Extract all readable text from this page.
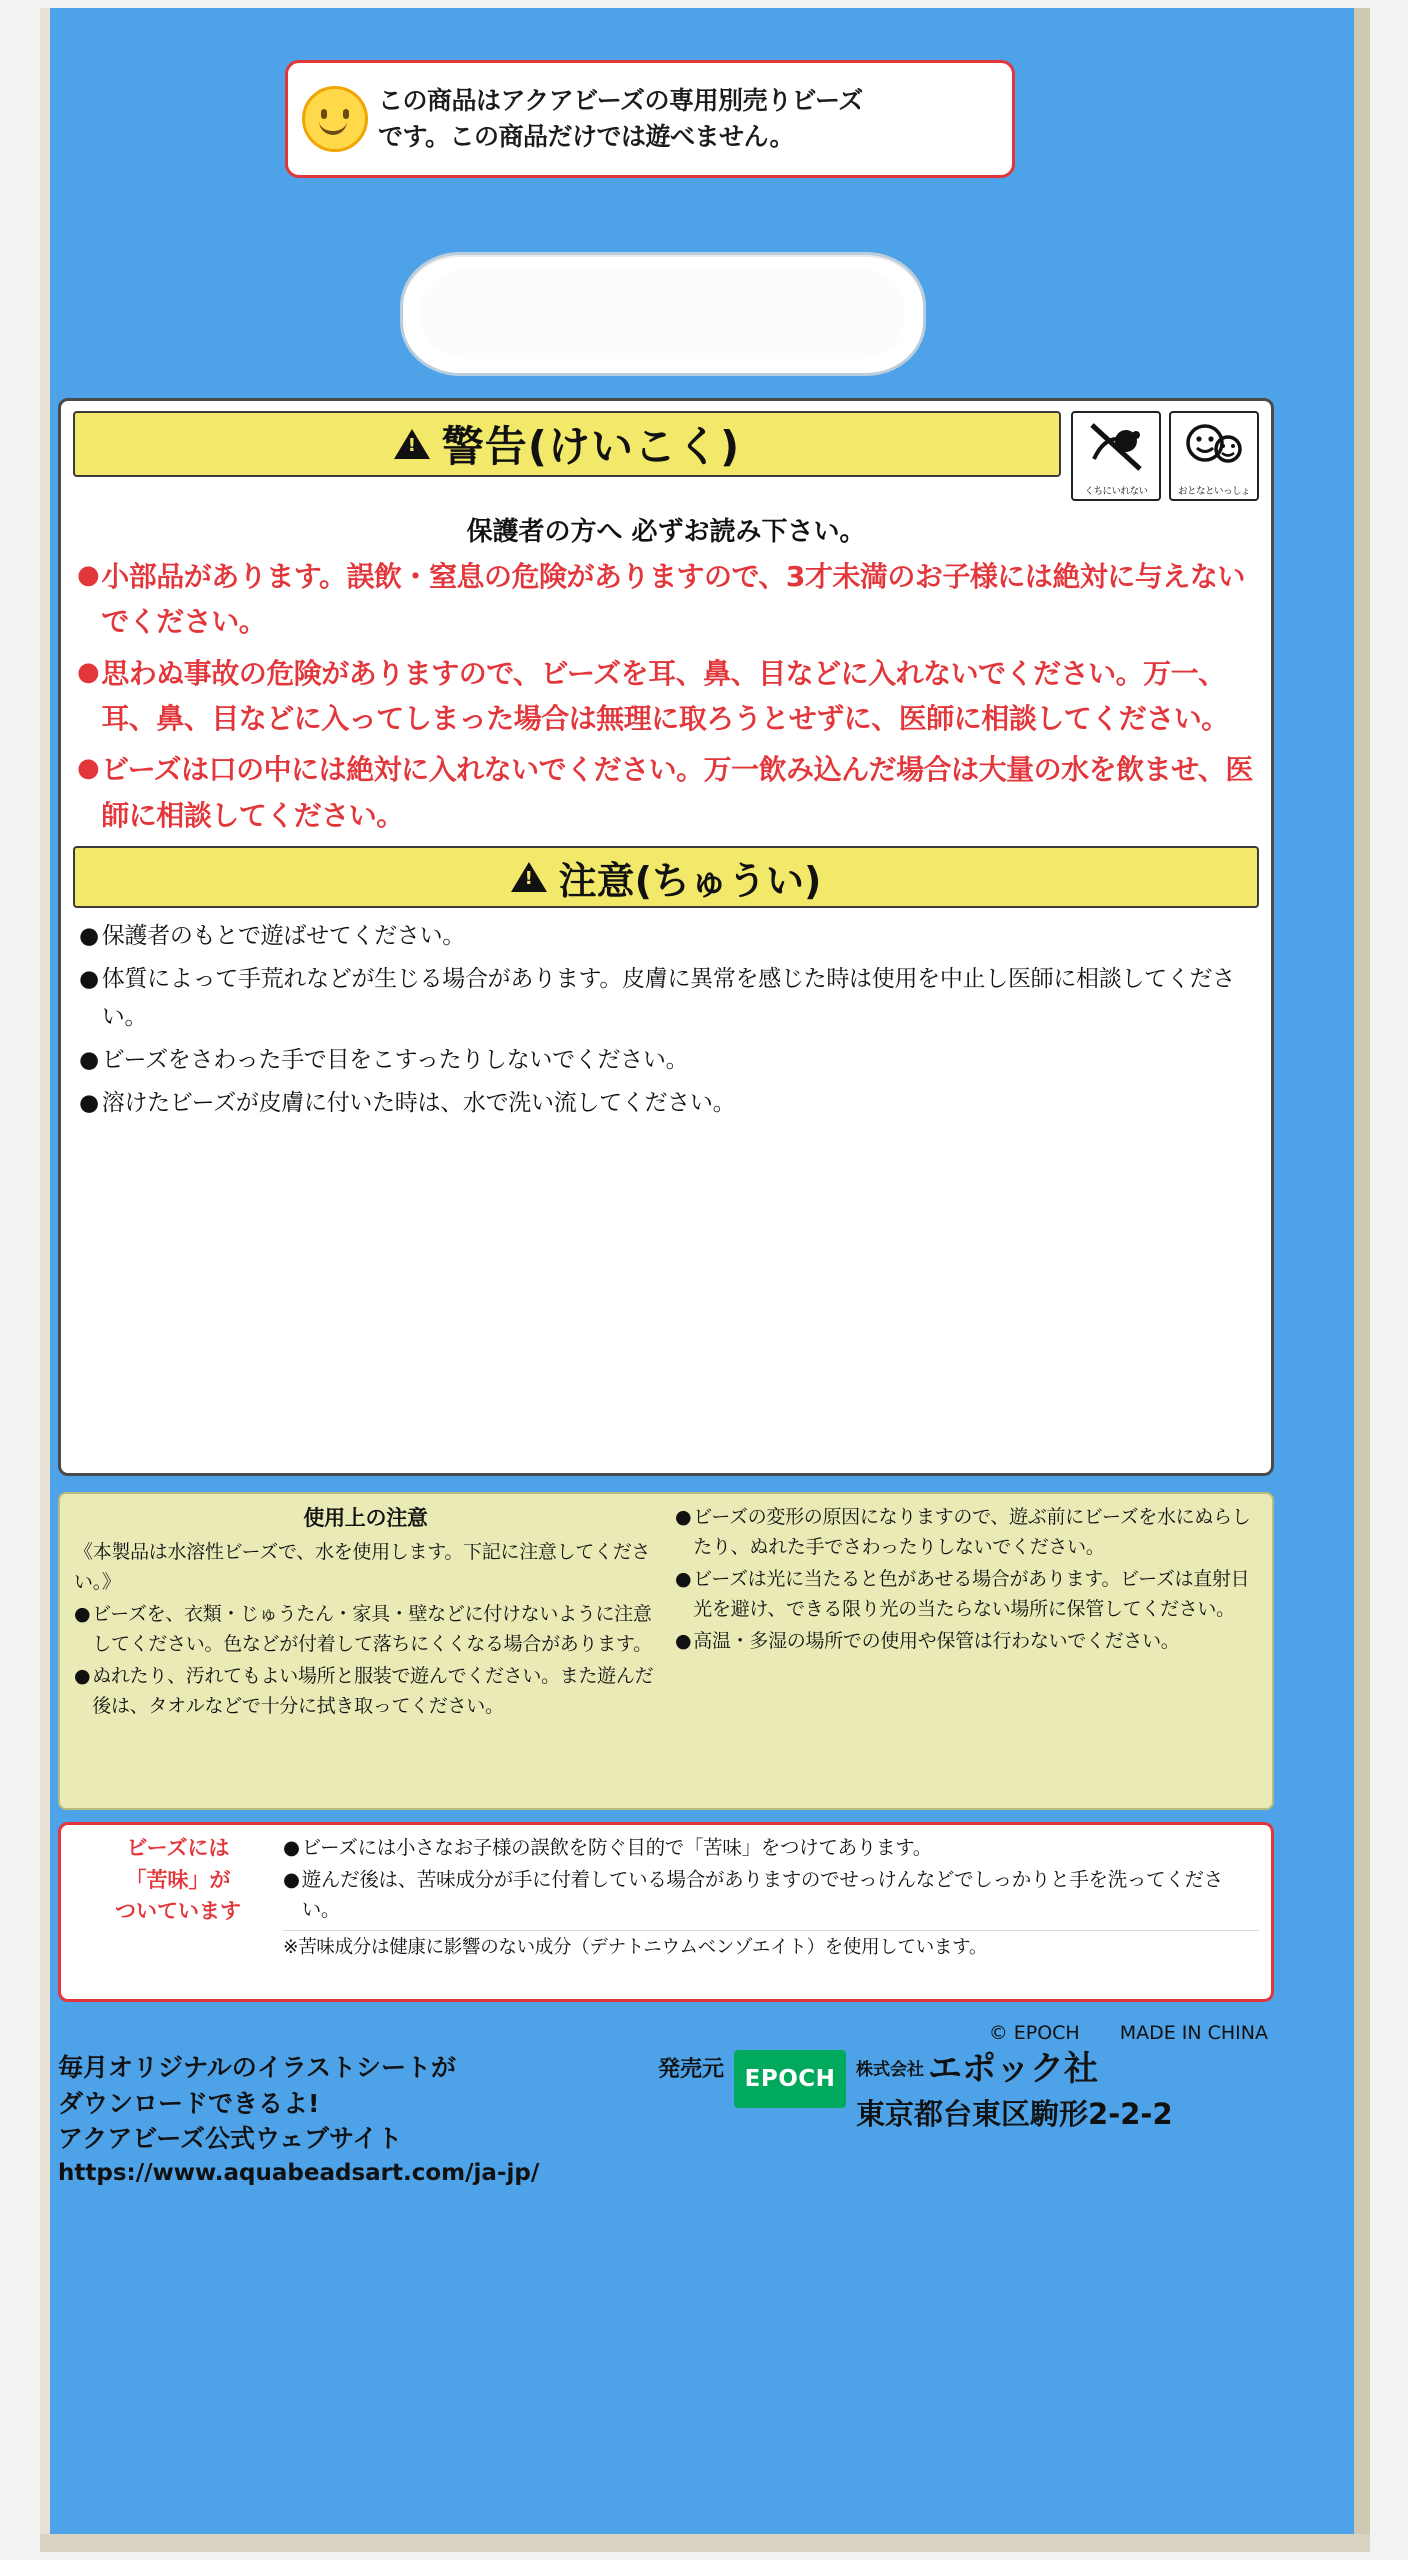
この商品はアクアビーズの専用別売りビーズ
です。この商品だけでは遊べません。
!
警告(けいこく)
くちにいれない	おとなといっしょ
保護者の方へ 必ずお読み下さい。
● 小部品があります。誤飲・窒息の危険がありますので、3才未満のお子様には絶対に与えないでください。
● 思わぬ事故の危険がありますので、ビーズを耳、鼻、目などに入れないでください。万一、耳、鼻、目などに入ってしまった場合は無理に取ろうとせずに、医師に相談してください。
● ビーズは口の中には絶対に入れないでください。万一飲み込んだ場合は大量の水を飲ませ、医師に相談してください。
!
注意(ちゅうい)
● 保護者のもとで遊ばせてください。
● 体質によって手荒れなどが生じる場合があります。皮膚に異常を感じた時は使用を中止し医師に相談してください。
● ビーズをさわった手で目をこすったりしないでください。
● 溶けたビーズが皮膚に付いた時は、水で洗い流してください。
使用上の注意
《本製品は水溶性ビーズで、水を使用します。下記に注意してください。》
● ビーズを、衣類・じゅうたん・家具・壁などに付けないように注意してください。色などが付着して落ちにくくなる場合があります。
● ぬれたり、汚れてもよい場所と服装で遊んでください。また遊んだ後は、タオルなどで十分に拭き取ってください。
● ビーズの変形の原因になりますので、遊ぶ前にビーズを水にぬらしたり、ぬれた手でさわったりしないでください。
● ビーズは光に当たると色があせる場合があります。ビーズは直射日光を避け、できる限り光の当たらない場所に保管してください。
● 高温・多湿の場所での使用や保管は行わないでください。
ビーズには
「苦味」が
ついています
● ビーズには小さなお子様の誤飲を防ぐ目的で「苦味」をつけてあります。
● 遊んだ後は、苦味成分が手に付着している場合がありますのでせっけんなどでしっかりと手を洗ってください。
※苦味成分は健康に影響のない成分（デナトニウムベンゾエイト）を使用しています。
© EPOCH MADE IN CHINA
毎月オリジナルのイラストシートが
ダウンロードできるよ!
アクアビーズ公式ウェブサイト
https://www.aquabeadsart.com/ja-jp/
発売元 EPOCH	株式会社 エポック社
東京都台東区駒形2-2-2
